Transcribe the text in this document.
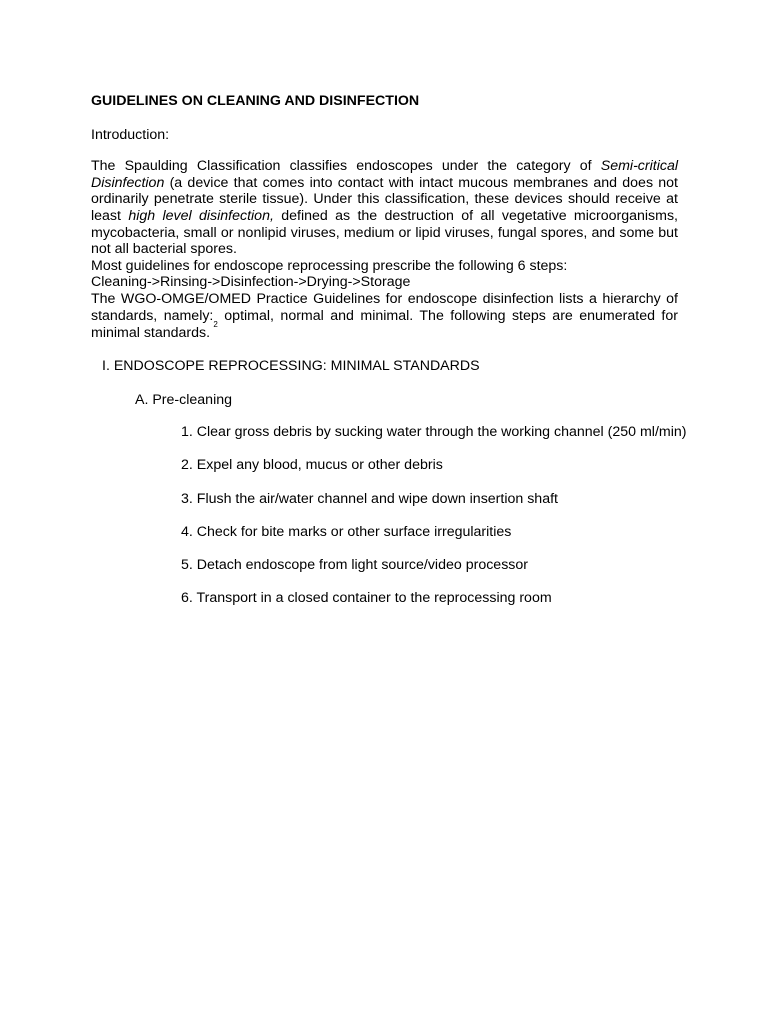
GUIDELINES ON CLEANING AND DISINFECTION

Introduction:

The Spaulding Classification classifies endoscopes under the category of Semi-critical Disinfection (a device that comes into contact with intact mucous membranes and does not ordinarily penetrate sterile tissue). Under this classification, these devices should receive at least high level disinfection, defined as the destruction of all vegetative microorganisms, mycobacteria, small or nonlipid viruses, medium or lipid viruses, fungal spores, and some but not all bacterial spores.

Most guidelines for endoscope reprocessing prescribe the following 6 steps:

Cleaning->Rinsing->Disinfection->Drying->Storage

The WGO-OMGE/OMED Practice Guidelines for endoscope disinfection lists a hierarchy of standards, $namely:_2$ optimal, normal and minimal. The following steps are enumerated for minimal standards.

I. ENDOSCOPE REPROCESSING: MINIMAL STANDARDS

A. Pre-cleaning

1. Clear gross debris by sucking water through the working channel (250 ml/min)
2. Expel any blood, mucus or other debris
3. Flush the air/water channel and wipe down insertion shaft
4. Check for bite marks or other surface irregularities
5. Detach endoscope from light source/video processor
6. Transport in a closed container to the reprocessing room
